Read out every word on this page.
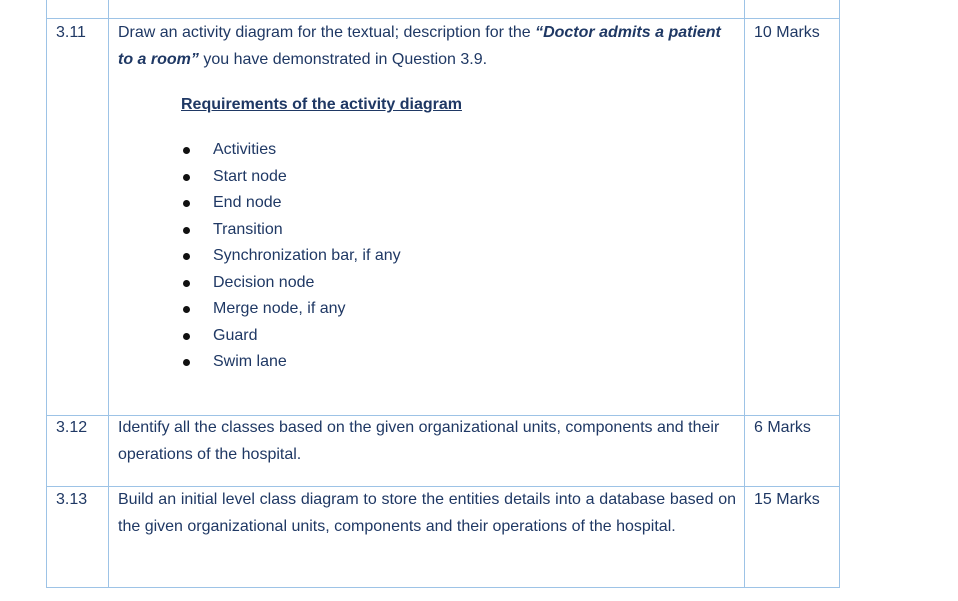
3.11 Draw an activity diagram for the textual; description for the “Doctor admits a patient to a room” you have demonstrated in Question 3.9.
10 Marks
Requirements of the activity diagram
Activities
Start node
End node
Transition
Synchronization bar, if any
Decision node
Merge node, if any
Guard
Swim lane
3.12 Identify all the classes based on the given organizational units, components and their operations of the hospital.
6 Marks
3.13 Build an initial level class diagram to store the entities details into a database based on the given organizational units, components and their operations of the hospital.
15 Marks
